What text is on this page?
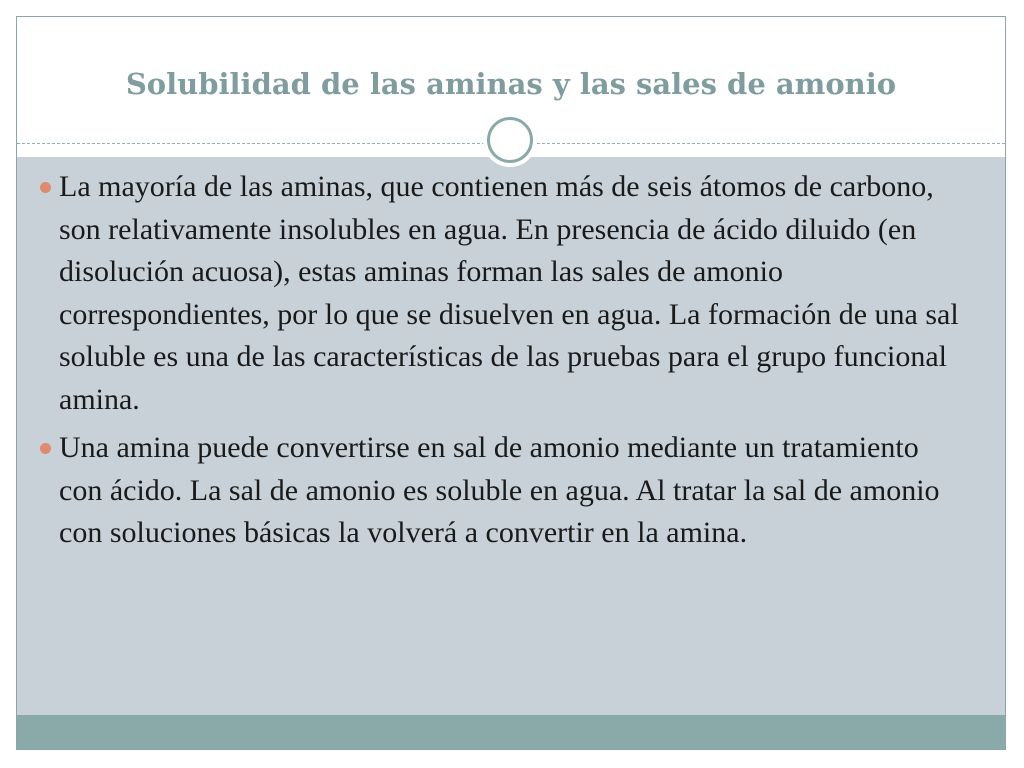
Solubilidad de las aminas y las sales de amonio
La mayoría de las aminas, que contienen más de seis átomos de carbono, son relativamente insolubles en agua. En presencia de ácido diluido (en disolución acuosa), estas aminas forman las sales de amonio correspondientes, por lo que se disuelven en agua. La formación de una sal soluble es una de las características de las pruebas para el grupo funcional amina.
Una amina puede convertirse en sal de amonio mediante un tratamiento con ácido. La sal de amonio es soluble en agua. Al tratar la sal de amonio con soluciones básicas la volverá a convertir en la amina.
